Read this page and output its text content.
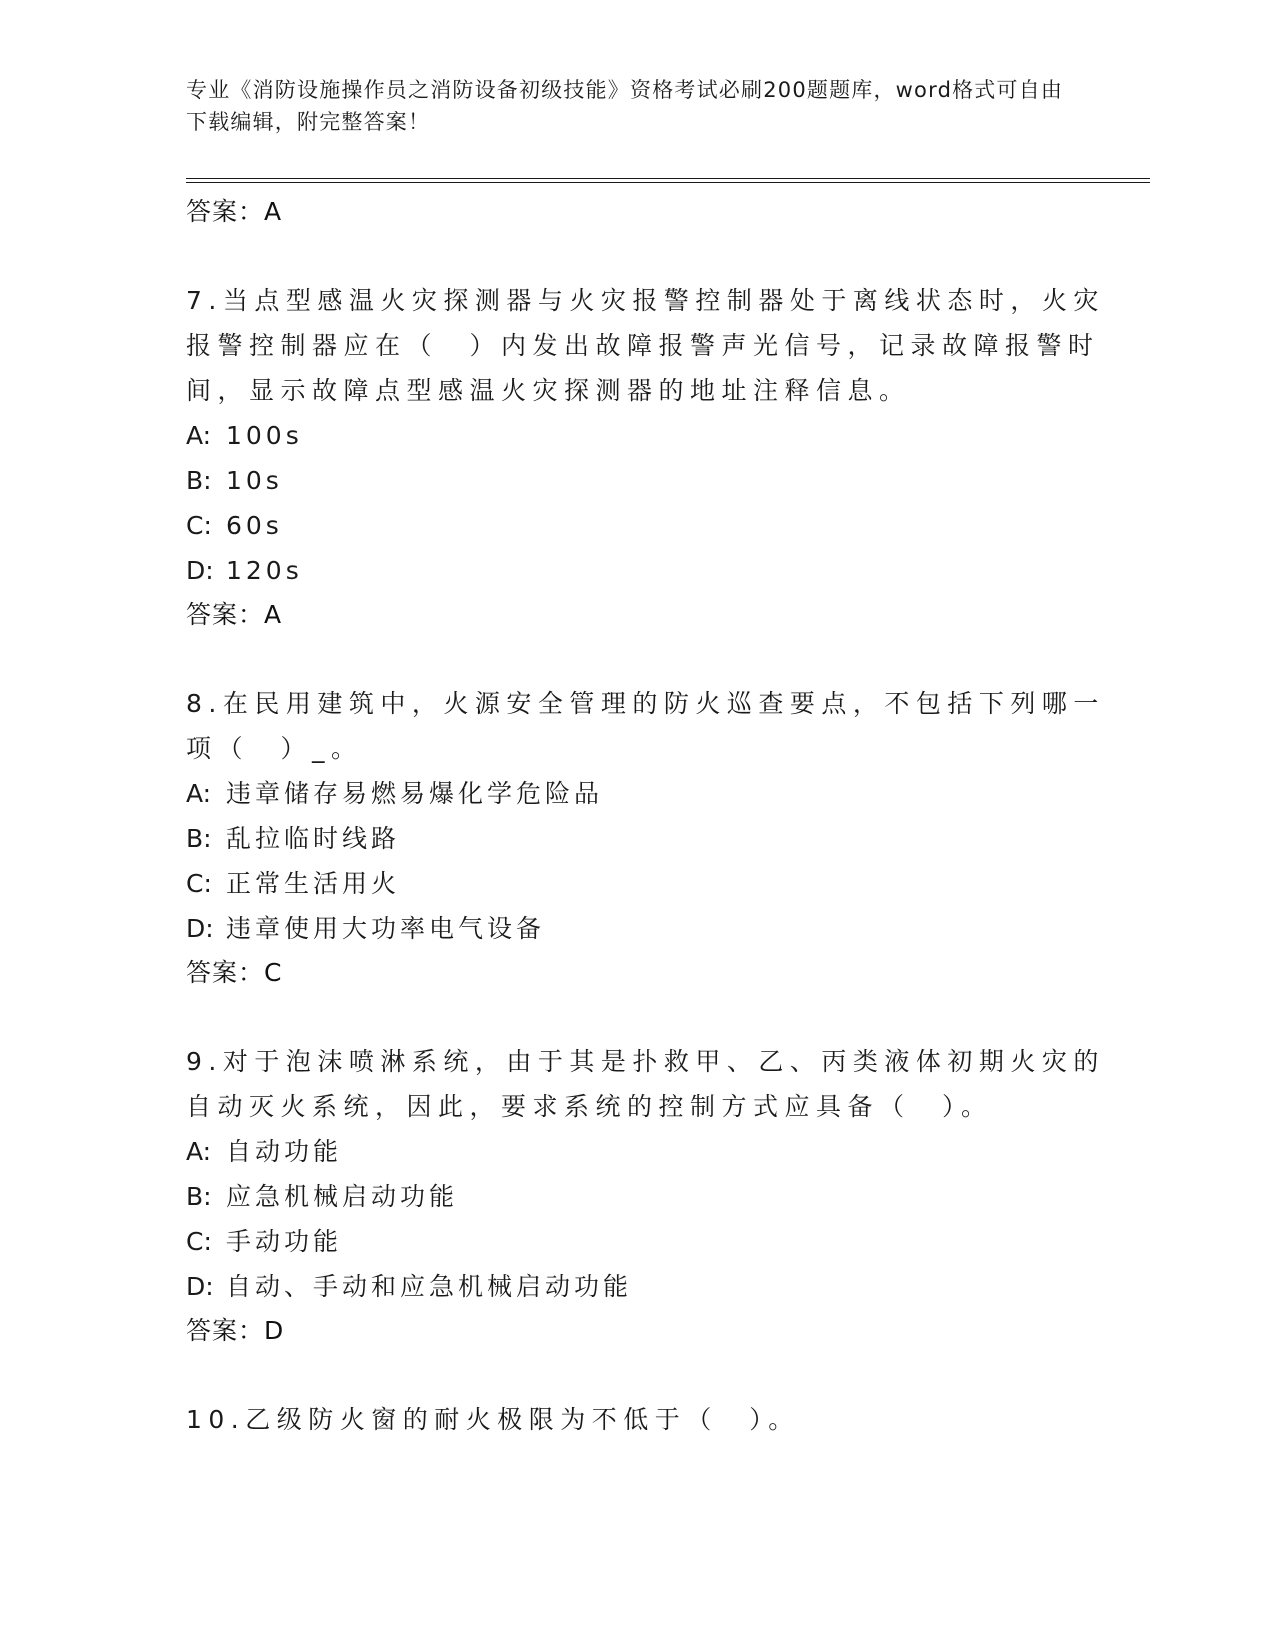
专业《消防设施操作员之消防设备初级技能》资格考试必刷200题题库，word格式可自由下载编辑，附完整答案！
答案：A
7.当点型感温火灾探测器与火灾报警控制器处于离线状态时，火灾报警控制器应在（　）内发出故障报警声光信号，记录故障报警时间，显示故障点型感温火灾探测器的地址注释信息。
A: 100s
B: 10s
C: 60s
D: 120s
答案：A
8.在民用建筑中，火源安全管理的防火巡查要点，不包括下列哪一项（　）_。
A: 违章储存易燃易爆化学危险品
B: 乱拉临时线路
C: 正常生活用火
D: 违章使用大功率电气设备
答案：C
9.对于泡沫喷淋系统，由于其是扑救甲、乙、丙类液体初期火灾的自动灭火系统，因此，要求系统的控制方式应具备（　）。
A: 自动功能
B: 应急机械启动功能
C: 手动功能
D: 自动、手动和应急机械启动功能
答案：D
10.乙级防火窗的耐火极限为不低于（　）。
